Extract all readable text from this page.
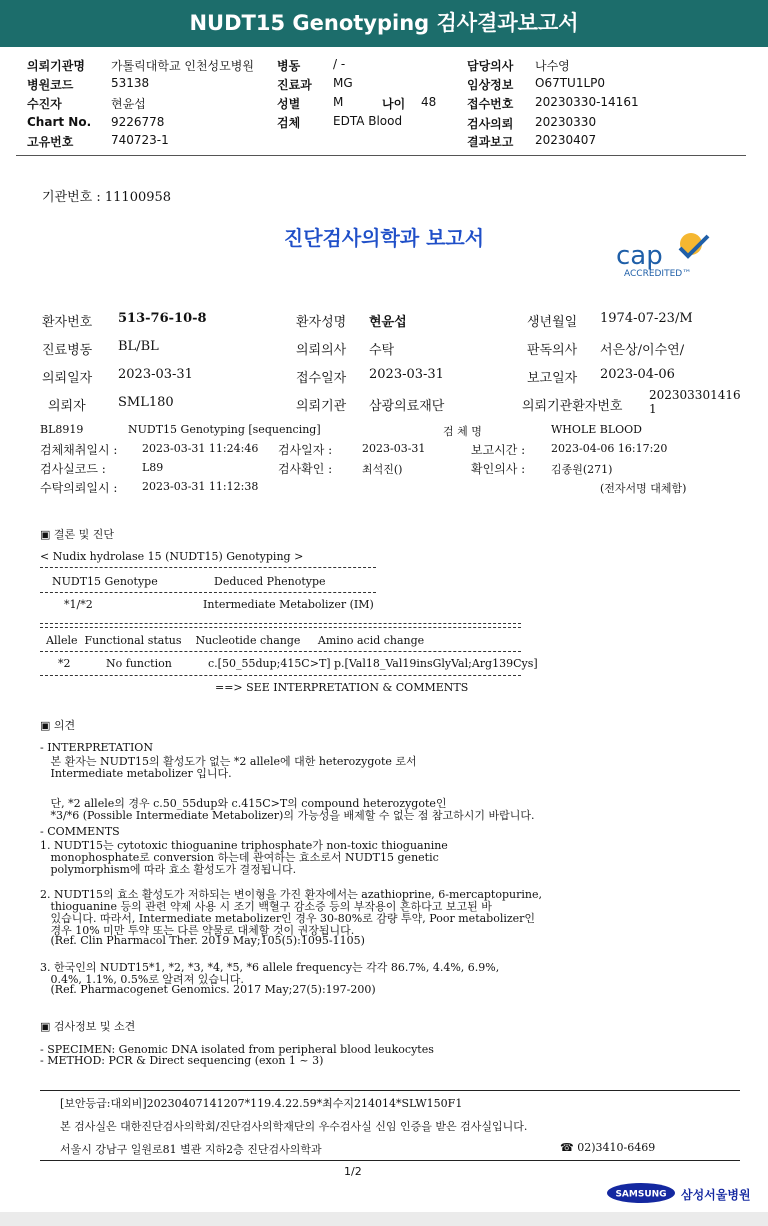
NUDT15 Genotyping 검사결과보고서
의뢰기관명 가톨릭대학교 인천성모병원 병동	/ -	담당의사 나수영
병원코드	53138	진료과 MG	임상정보 O67TU1LP0
수진자	현윤섭	성별	M	나이 48	접수번호 20230330-14161
Chart No. 9226778	검체	EDTA Blood	검사의뢰 20230330
고유번호	740723-1	결과보고 20230407
기관번호 : 11100958
진단검사의학과 보고서
cap
ACCREDITED™
환자번호 513-76-10-8	환자성명 현윤섭	생년월일 1974-07-23/M
진료병동 BL/BL	의뢰의사 수탁	판독의사 서은상/이수연/
의뢰일자 2023-03-31	접수일자 2023-03-31	보고일자 2023-04-06
의뢰자 SML180	의뢰기관 삼광의료재단	의뢰기관환자번호
202303301416
1
BL8919	NUDT15 Genotyping [sequencing]	검 체 명	WHOLE BLOOD
검체채취일시 : 2023-03-31 11:24:46 검사일자 :	2023-03-31	보고시간 : 2023-04-06 16:17:20
검사실코드 :	L89	검사확인 :	최석진()	확인의사 : 김종원(271)
수탁의뢰일시 : 2023-03-31 11:12:38	(전자서명 대체함)
▣ 결론 및 진단
< Nudix hydrolase 15 (NUDT15) Genotyping >
NUDT15 Genotype	Deduced Phenotype
*1/*2	Intermediate Metabolizer (IM)
Allele  Functional status    Nucleotide change     Amino acid change
*2	No function	c.[50_55dup;415C>T] p.[Val18_Val19insGlyVal;Arg139Cys]
==> SEE INTERPRETATION & COMMENTS
▣ 의견
- INTERPRETATION
본 환자는 NUDT15의 활성도가 없는 *2 allele에 대한 heterozygote 로서
Intermediate metabolizer 입니다.
단, *2 allele의 경우 c.50_55dup와 c.415C>T의 compound heterozygote인
*3/*6 (Possible Intermediate Metabolizer)의 가능성을 배제할 수 없는 점 참고하시기 바랍니다.
- COMMENTS
1. NUDT15는 cytotoxic thioguanine triphosphate가 non-toxic thioguanine
monophosphate로 conversion 하는데 관여하는 효소로서 NUDT15 genetic
polymorphism에 따라 효소 활성도가 결정됩니다.
2. NUDT15의 효소 활성도가 저하되는 변이형을 가진 환자에서는 azathioprine, 6-mercaptopurine,
thioguanine 등의 관련 약제 사용 시 조기 백혈구 감소증 등의 부작용이 흔하다고 보고된 바
있습니다. 따라서, Intermediate metabolizer인 경우 30-80%로 감량 투약, Poor metabolizer인
경우 10% 미만 투약 또는 다른 약물로 대체할 것이 권장됩니다.
(Ref. Clin Pharmacol Ther. 2019 May;105(5):1095-1105)
3. 한국인의 NUDT15*1, *2, *3, *4, *5, *6 allele frequency는 각각 86.7%, 4.4%, 6.9%,
0.4%, 1.1%, 0.5%로 알려져 있습니다.
(Ref. Pharmacogenet Genomics. 2017 May;27(5):197-200)
▣ 검사정보 및 소견
- SPECIMEN: Genomic DNA isolated from peripheral blood leukocytes
- METHOD: PCR & Direct sequencing (exon 1 ~ 3)
[보안등급:대외비]20230407141207*119.4.22.59*최수지214014*SLW150F1
본 검사실은 대한진단검사의학회/진단검사의학재단의 우수검사실 신임 인증을 받은 검사실입니다.
서울시 강남구 일원로81 별관 지하2층 진단검사의학과	☎ 02)3410-6469
1/2
SAMSUNG 삼성서울병원
